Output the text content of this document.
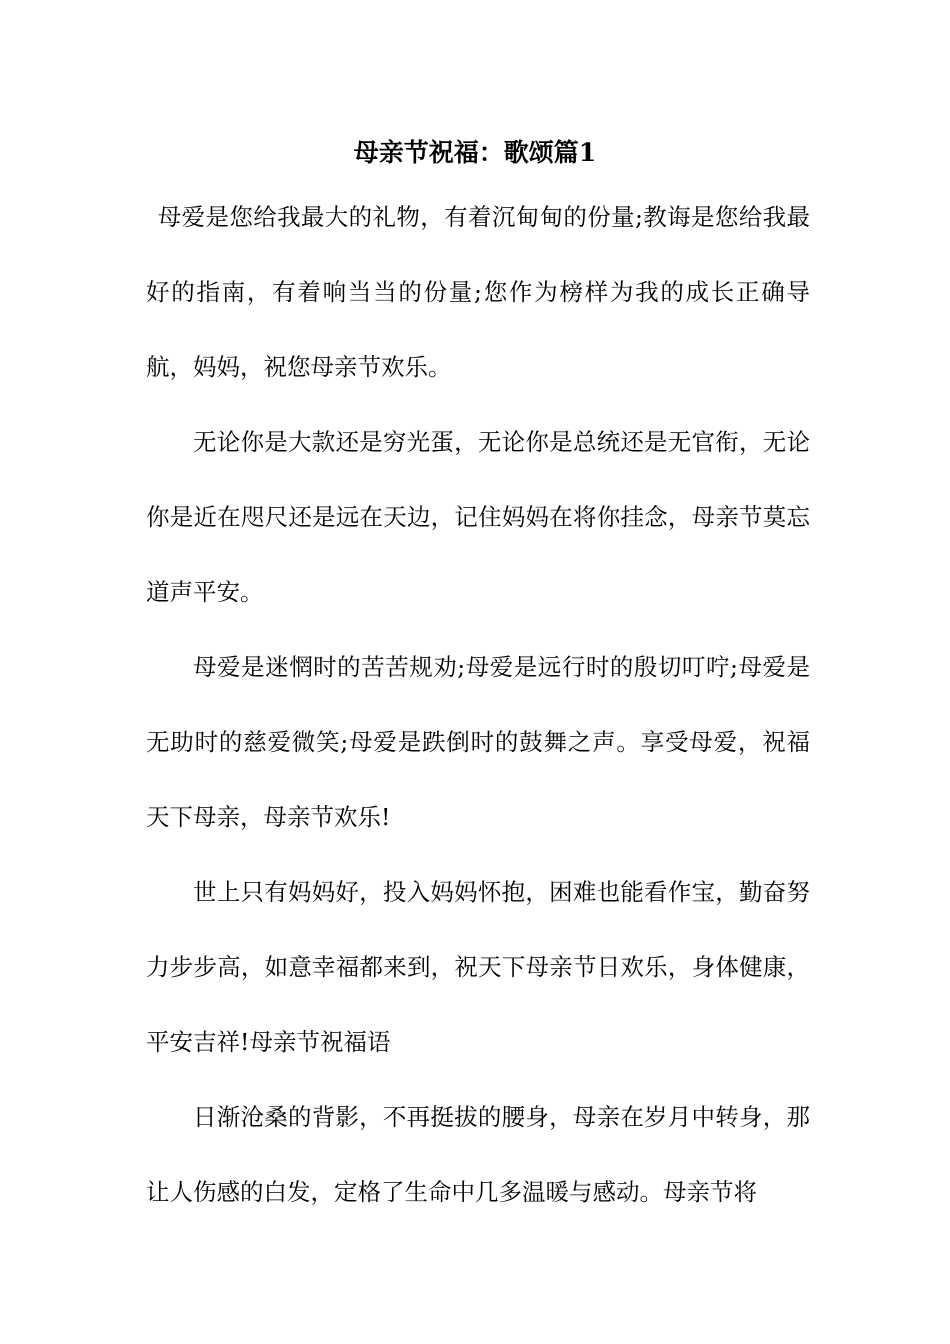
母亲节祝福：歌颂篇1

母爱是您给我最大的礼物，有着沉甸甸的份量;教诲是您给我最好的指南，有着响当当的份量;您作为榜样为我的成长正确导航，妈妈，祝您母亲节欢乐。

无论你是大款还是穷光蛋，无论你是总统还是无官衔，无论你是近在咫尺还是远在天边，记住妈妈在将你挂念，母亲节莫忘道声平安。

母爱是迷惘时的苦苦规劝;母爱是远行时的殷切叮咛;母爱是无助时的慈爱微笑;母爱是跌倒时的鼓舞之声。享受母爱，祝福天下母亲，母亲节欢乐!

世上只有妈妈好，投入妈妈怀抱，困难也能看作宝，勤奋努力步步高，如意幸福都来到，祝天下母亲节日欢乐，身体健康，平安吉祥!母亲节祝福语

日渐沧桑的背影，不再挺拔的腰身，母亲在岁月中转身，那让人伤感的白发，定格了生命中几多温暖与感动。母亲节将
